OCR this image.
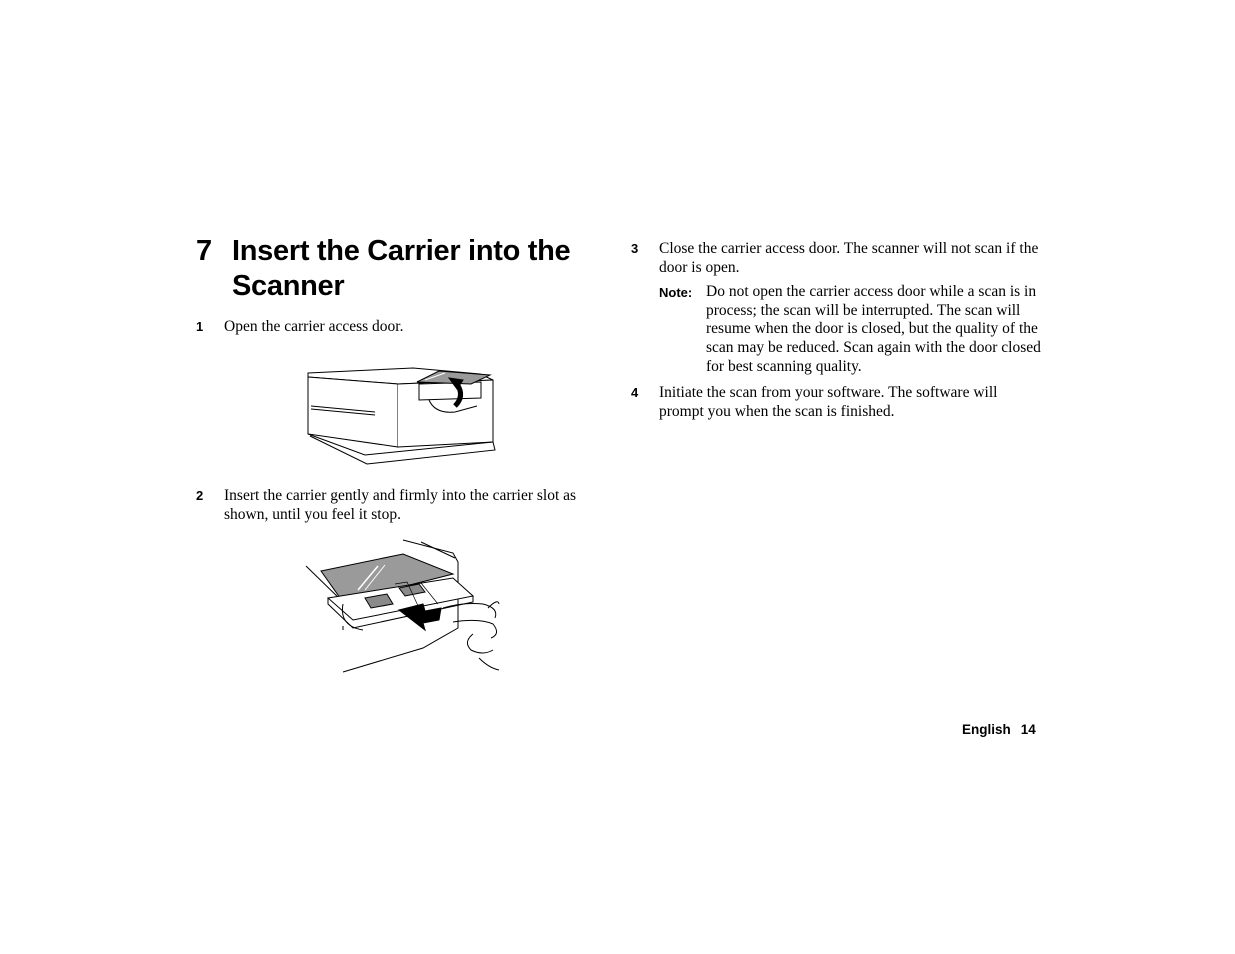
7 Insert the Carrier into the Scanner
1 Open the carrier access door.
2 Insert the carrier gently and firmly into the carrier slot as shown, until you feel it stop.
3 Close the carrier access door. The scanner will not scan if the door is open.
Note: Do not open the carrier access door while a scan is in process; the scan will be interrupted. The scan will resume when the door is closed, but the quality of the scan may be reduced. Scan again with the door closed for best scanning quality.
4 Initiate the scan from your software. The software will prompt you when the scan is finished.
English 14
